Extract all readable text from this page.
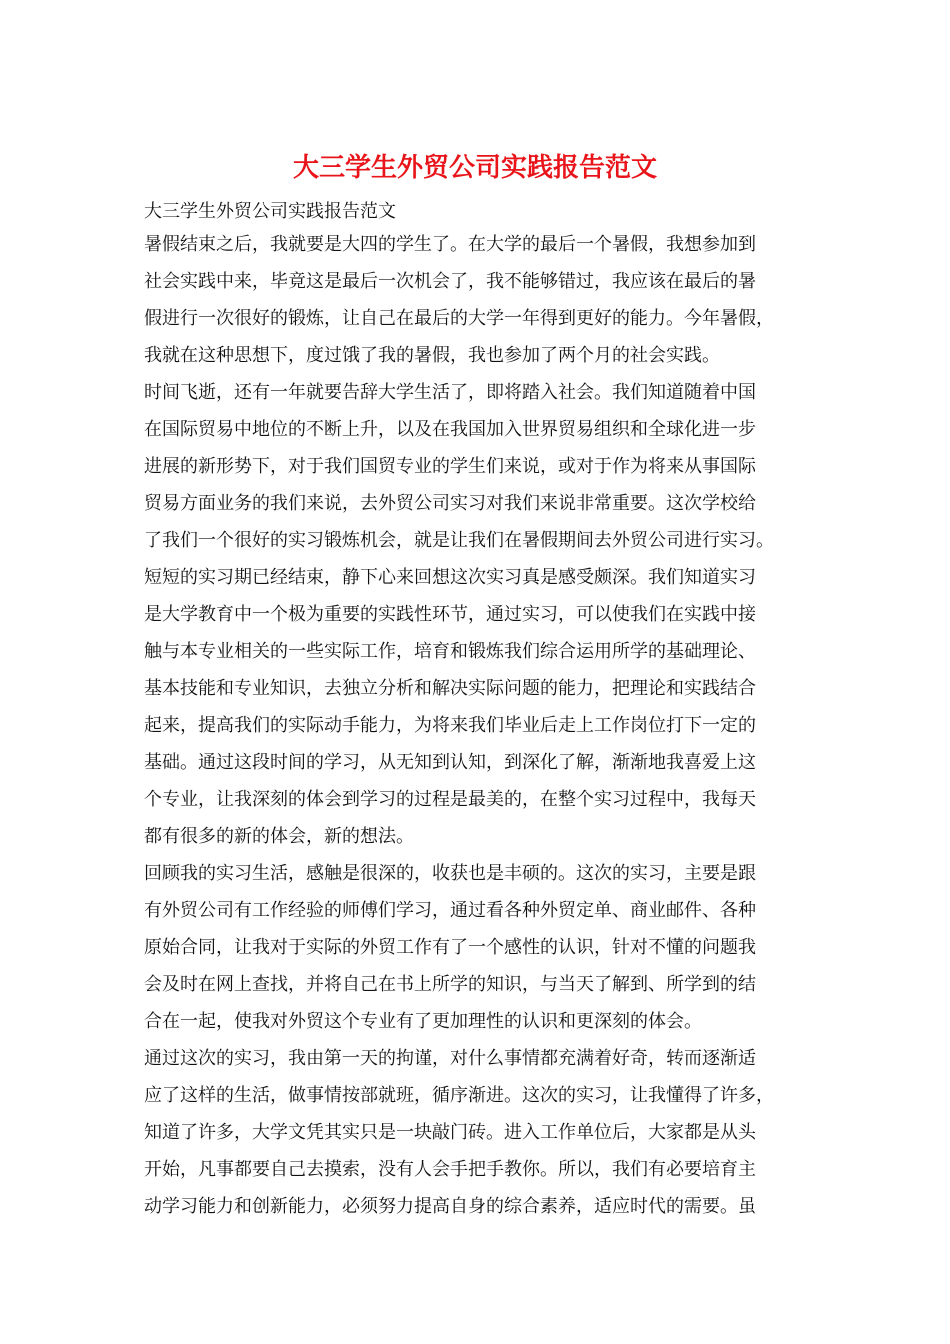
大三学生外贸公司实践报告范文
大三学生外贸公司实践报告范文
暑假结束之后，我就要是大四的学生了。在大学的最后一个暑假，我想参加到
社会实践中来，毕竟这是最后一次机会了，我不能够错过，我应该在最后的暑
假进行一次很好的锻炼，让自己在最后的大学一年得到更好的能力。今年暑假，
我就在这种思想下，度过饿了我的暑假，我也参加了两个月的社会实践。
时间飞逝，还有一年就要告辞大学生活了，即将踏入社会。我们知道随着中国
在国际贸易中地位的不断上升，以及在我国加入世界贸易组织和全球化进一步
进展的新形势下，对于我们国贸专业的学生们来说，或对于作为将来从事国际
贸易方面业务的我们来说，去外贸公司实习对我们来说非常重要。这次学校给
了我们一个很好的实习锻炼机会，就是让我们在暑假期间去外贸公司进行实习。
短短的实习期已经结束，静下心来回想这次实习真是感受颇深。我们知道实习
是大学教育中一个极为重要的实践性环节，通过实习，可以使我们在实践中接
触与本专业相关的一些实际工作，培育和锻炼我们综合运用所学的基础理论、
基本技能和专业知识，去独立分析和解决实际问题的能力，把理论和实践结合
起来，提高我们的实际动手能力，为将来我们毕业后走上工作岗位打下一定的
基础。通过这段时间的学习，从无知到认知，到深化了解，渐渐地我喜爱上这
个专业，让我深刻的体会到学习的过程是最美的，在整个实习过程中，我每天
都有很多的新的体会，新的想法。
回顾我的实习生活，感触是很深的，收获也是丰硕的。这次的实习，主要是跟
有外贸公司有工作经验的师傅们学习，通过看各种外贸定单、商业邮件、各种
原始合同，让我对于实际的外贸工作有了一个感性的认识，针对不懂的问题我
会及时在网上查找，并将自己在书上所学的知识，与当天了解到、所学到的结
合在一起，使我对外贸这个专业有了更加理性的认识和更深刻的体会。
通过这次的实习，我由第一天的拘谨，对什么事情都充满着好奇，转而逐渐适
应了这样的生活，做事情按部就班，循序渐进。这次的实习，让我懂得了许多，
知道了许多，大学文凭其实只是一块敲门砖。进入工作单位后，大家都是从头
开始，凡事都要自己去摸索，没有人会手把手教你。所以，我们有必要培育主
动学习能力和创新能力，必须努力提高自身的综合素养，适应时代的需要。虽
